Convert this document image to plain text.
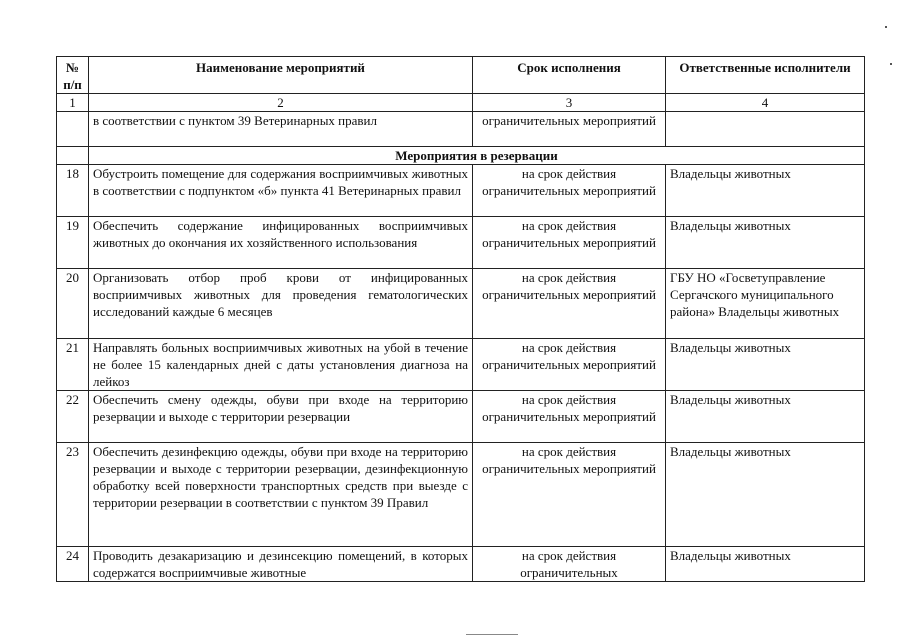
№ п/п	Наименование мероприятий	Срок исполнения	Ответственные исполнители
1	2	3	4
	в соответствии с пунктом 39 Ветеринарных правил	ограничительных мероприятий	
	Мероприятия в резервации		
18	Обустроить помещение для содержания восприимчивых животных в соответствии с подпунктом «б» пункта 41 Ветеринарных правил	на срок действия ограничительных мероприятий	Владельцы животных
19	Обеспечить содержание инфицированных восприимчивых животных до окончания их хозяйственного использования	на срок действия ограничительных мероприятий	Владельцы животных
20	Организовать отбор проб крови от инфицированных восприимчивых животных для проведения гематологических исследований каждые 6 месяцев	на срок действия ограничительных мероприятий	ГБУ НО «Госветуправление Сергачского муниципального района» Владельцы животных
21	Направлять больных восприимчивых животных на убой в течение не более 15 календарных дней с даты установления диагноза на лейкоз	на срок действия ограничительных мероприятий	Владельцы животных
22	Обеспечить смену одежды, обуви при входе на территорию резервации и выходе с территории резервации	на срок действия ограничительных мероприятий	Владельцы животных
23	Обеспечить дезинфекцию одежды, обуви при входе на территорию резервации и выходе с территории резервации, дезинфекционную обработку всей поверхности транспортных средств при выезде с территории резервации в соответствии с пунктом 39 Правил	на срок действия ограничительных мероприятий	Владельцы животных
24	Проводить дезакаризацию и дезинсекцию помещений, в которых содержатся восприимчивые животные	на срок действия ограничительных	Владельцы животных
